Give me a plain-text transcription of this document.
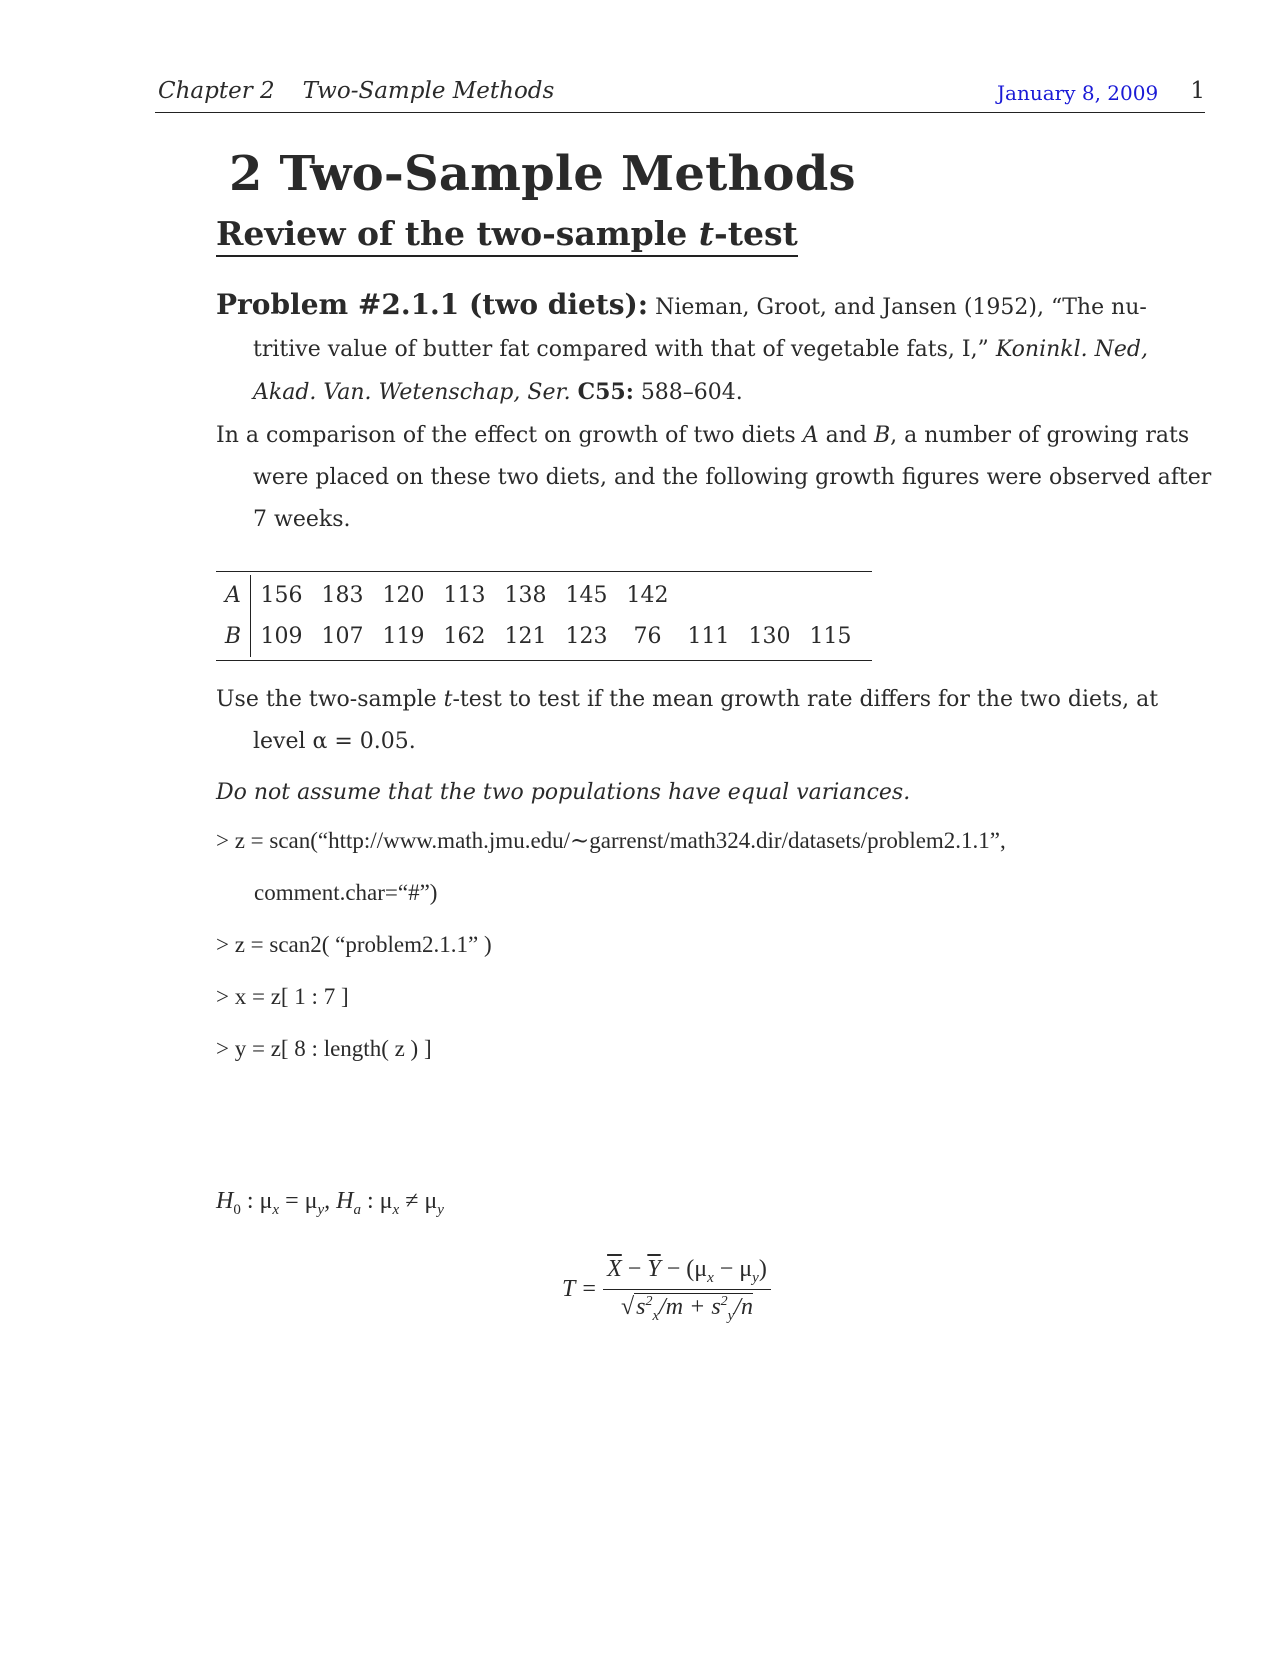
Chapter 2 Two-Sample Methods	January 8, 2009 1
2 Two-Sample Methods
Review of the two-sample t-test
Problem #2.1.1 (two diets): Nieman, Groot, and Jansen (1952), “The nu-
tritive value of butter fat compared with that of vegetable fats, I,” Koninkl. Ned,
Akad. Van. Wetenschap, Ser. C55: 588–604.
In a comparison of the effect on growth of two diets A and B, a number of growing rats
were placed on these two diets, and the following growth figures were observed after
7 weeks.
A 156 183 120 113 138 145 142
B 109 107 119 162 121 123	76	111 130 115
Use the two-sample t-test to test if the mean growth rate differs for the two diets, at
level α = 0.05.
Do not assume that the two populations have equal variances.
> z = scan(“http://www.math.jmu.edu/∼garrenst/math324.dir/datasets/problem2.1.1”,
comment.char=“#”)
> z = scan2( “problem2.1.1” )
> x = z[ 1 : 7 ]
> y = z[ 8 : length( z ) ]
$H_0$ : $\mu_x = \mu_y$, $H_a$ : $\mu_x \ne \mu_y$
$T = \frac{\overline{X} - \overline{Y} - (\mu_x - \mu_y)}{√s^2_x/m + s^2_y/n}$
